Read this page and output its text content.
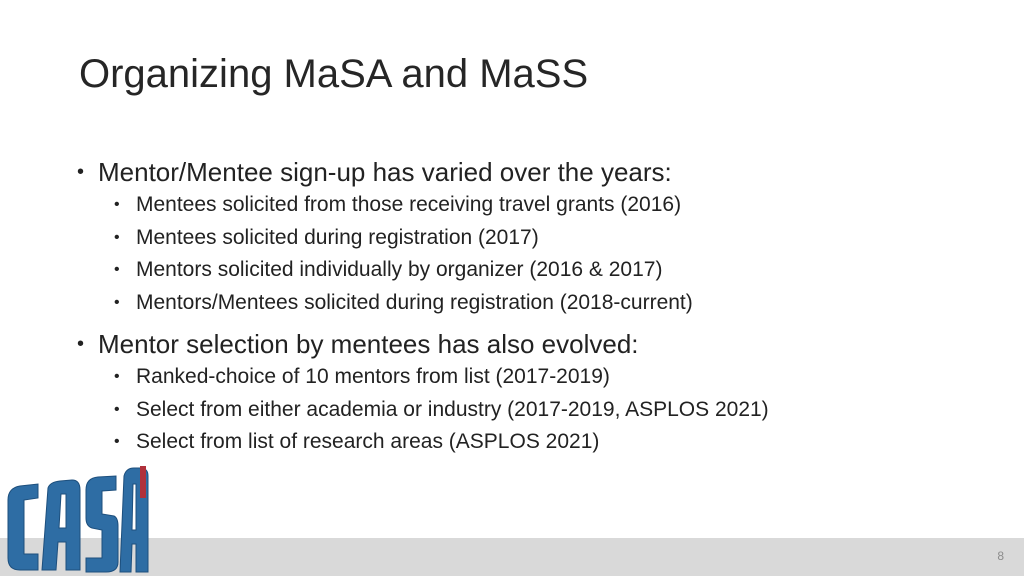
Organizing MaSA and MaSS
• Mentor/Mentee sign-up has varied over the years:
• Mentees solicited from those receiving travel grants (2016)
• Mentees solicited during registration (2017)
• Mentors solicited individually by organizer (2016 & 2017)
• Mentors/Mentees solicited during registration (2018-current)
• Mentor selection by mentees has also evolved:
• Ranked-choice of 10 mentors from list (2017-2019)
• Select from either academia or industry (2017-2019, ASPLOS 2021)
• Select from list of research areas (ASPLOS 2021)
8
